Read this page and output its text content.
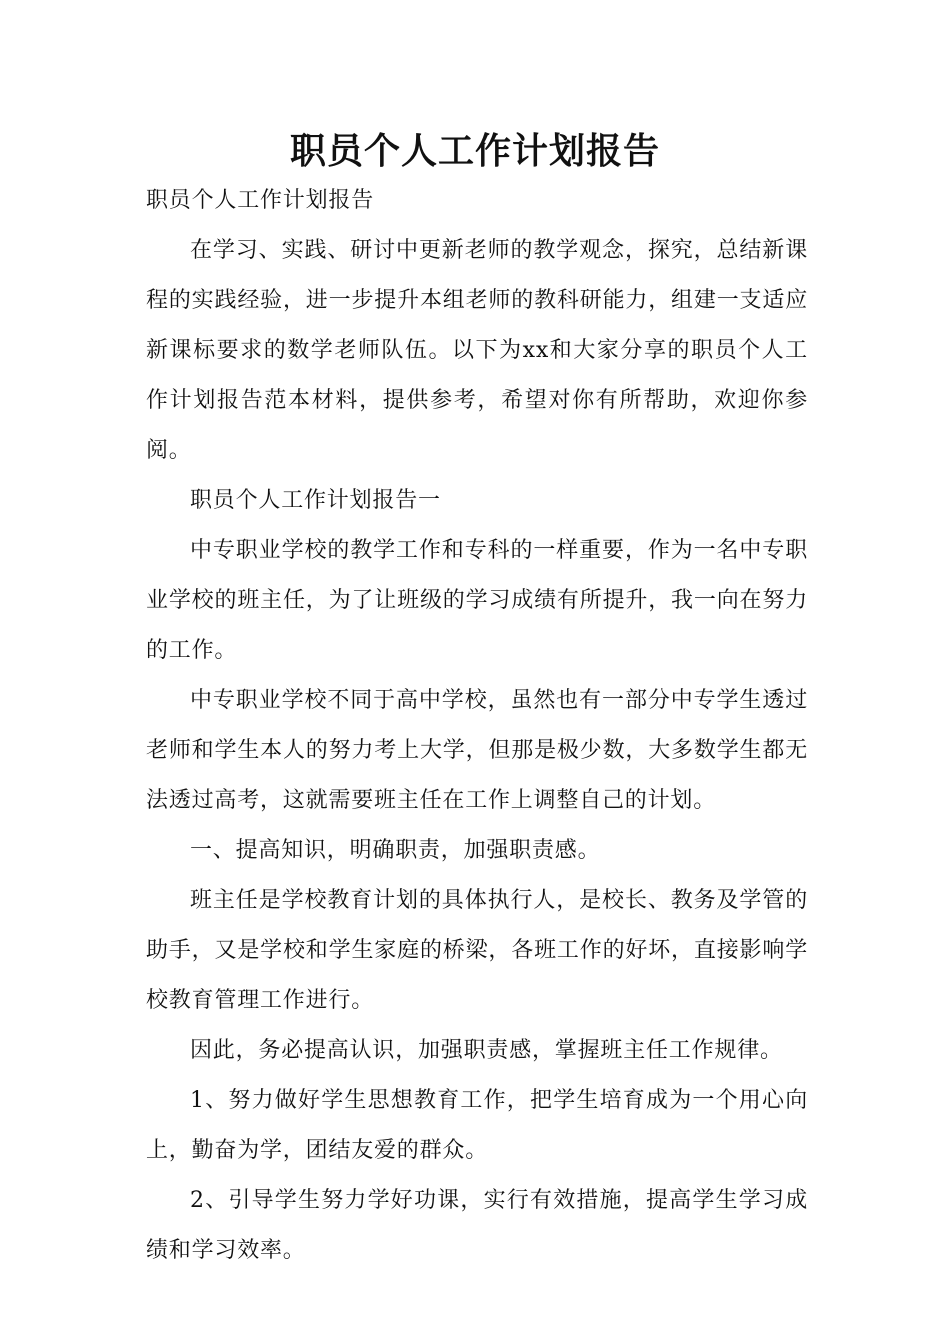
职员个人工作计划报告

职员个人工作计划报告

在学习、实践、研讨中更新老师的教学观念，探究，总结新课程的实践经验，进一步提升本组老师的教科研能力，组建一支适应新课标要求的数学老师队伍。以下为xx和大家分享的职员个人工作计划报告范本材料，提供参考，希望对你有所帮助，欢迎你参阅。

职员个人工作计划报告一

中专职业学校的教学工作和专科的一样重要，作为一名中专职业学校的班主任，为了让班级的学习成绩有所提升，我一向在努力的工作。

中专职业学校不同于高中学校，虽然也有一部分中专学生透过老师和学生本人的努力考上大学，但那是极少数，大多数学生都无法透过高考，这就需要班主任在工作上调整自己的计划。

一、提高知识，明确职责，加强职责感。

班主任是学校教育计划的具体执行人，是校长、教务及学管的助手，又是学校和学生家庭的桥梁，各班工作的好坏，直接影响学校教育管理工作进行。

因此，务必提高认识，加强职责感，掌握班主任工作规律。

1、努力做好学生思想教育工作，把学生培育成为一个用心向上，勤奋为学，团结友爱的群众。

2、引导学生努力学好功课，实行有效措施，提高学生学习成绩和学习效率。
